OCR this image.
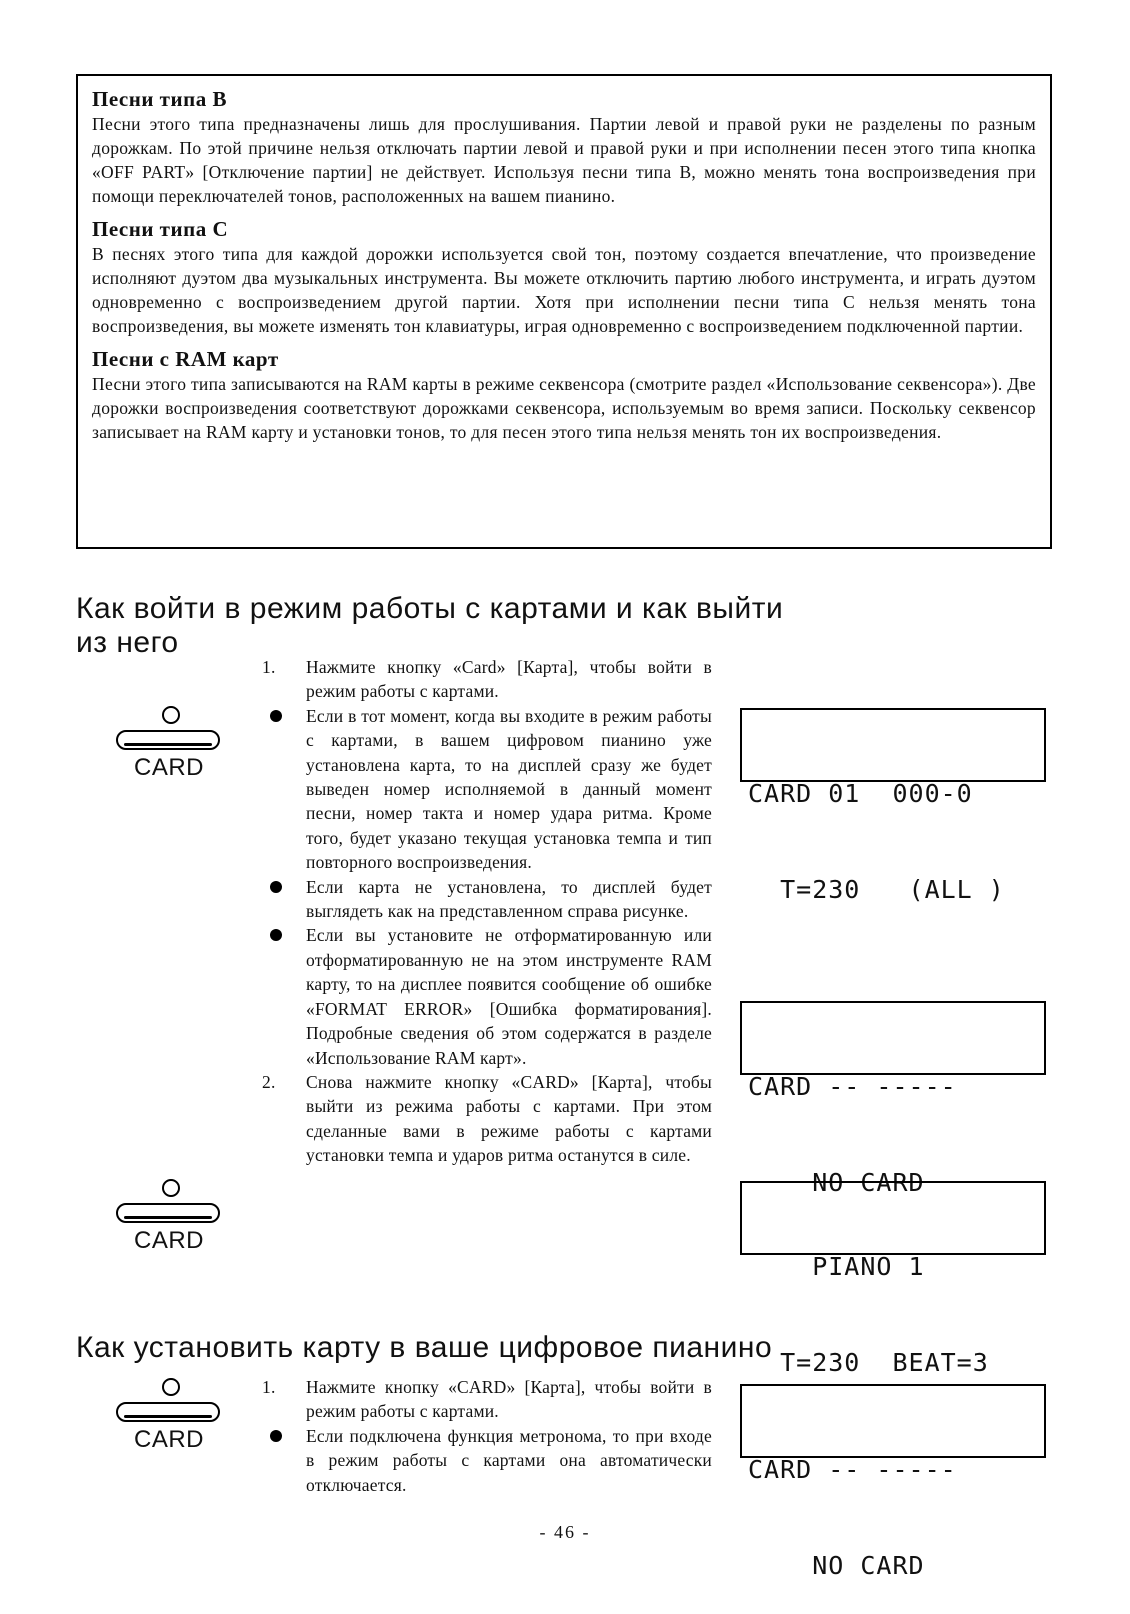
Песни типа B

Песни этого типа предназначены лишь для прослушивания. Партии левой и правой руки не разделены по разным дорожкам. По этой причине нельзя отключать партии левой и правой руки и при исполнении песен этого типа кнопка «OFF PART» [Отключение партии] не действует. Используя песни типа B, можно менять тона воспроизведения при помощи переключателей тонов, расположенных на вашем пианино.

Песни типа C

В песнях этого типа для каждой дорожки используется свой тон, поэтому создается впечатление, что произведение исполняют дуэтом два музыкальных инструмента. Вы можете отключить партию любого инструмента, и играть дуэтом одновременно с воспроизведением другой партии. Хотя при исполнении песни типа C нельзя менять тона воспроизведения, вы можете изменять тон клавиатуры, играя одновременно с воспроизведением подключенной партии.

Песни с RAM карт

Песни этого типа записываются на RAM карты в режиме секвенсора (смотрите раздел «Использование секвенсора»). Две дорожки воспроизведения соответствуют дорожками секвенсора, используемым во время записи. Поскольку секвенсор записывает на RAM карту и установки тонов, то для песен этого типа нельзя менять тон их воспроизведения.

Как войти в режим работы с картами и как выйти
из него
1.	Нажмите кнопку «Card» [Карта], чтобы войти в режим работы с картами.
Если в тот момент, когда вы входите в режим работы с картами, в вашем цифровом пианино уже установлена карта, то на дисплей сразу же будет выведен номер исполняемой в данный момент песни, номер такта и номер удара ритма. Кроме того, будет указано текущая установка темпа и тип повторного воспроизведения.
Если карта не установлена, то дисплей будет выглядеть как на представленном справа рисунке.
Если вы установите не отформатированную или отформатированную не на этом инструменте RAM карту, то на дисплее появится сообщение об ошибке «FORMAT ERROR» [Ошибка форматирования]. Подробные сведения об этом содержатся в разделе «Использование RAM карт».
2.	Снова нажмите кнопку «CARD» [Карта], чтобы выйти из режима работы с картами. При этом сделанные вами в режиме работы с картами установки темпа и ударов ритма останутся в силе.
Как установить карту в ваше цифровое пианино
1.	Нажмите кнопку «CARD» [Карта], чтобы войти в режим работы с картами.
Если подключена функция метронома, то при входе в режим работы с картами она автоматически отключается.
CARD
CARD
CARD

CARD 01  000-0

T=230   (ALL )

CARD -- -----

NO CARD

PIANO 1

T=230  BEAT=3

CARD -- -----

NO CARD

- 46 -
